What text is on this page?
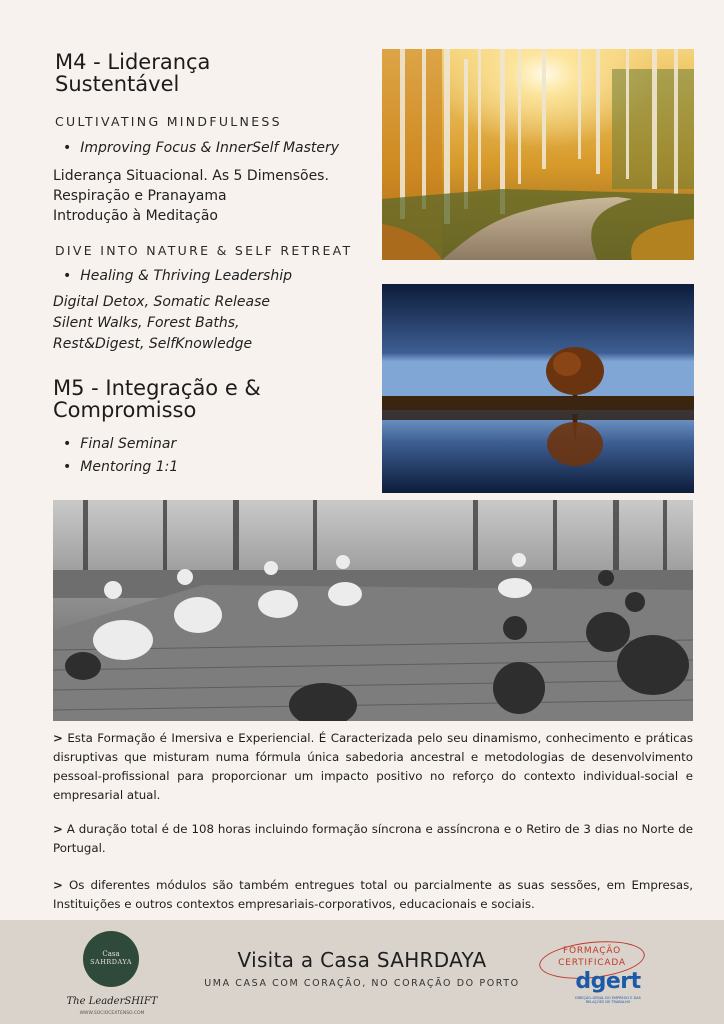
M4 - Liderança
Sustentável

CULTIVATING MINDFULNESS

• Improving Focus & InnerSelf Mastery

Liderança Situacional. As 5 Dimensões.

Respiração e Pranayama

Introdução à Meditação

DIVE INTO NATURE & SELF RETREAT

• Healing & Thriving Leadership

Digital Detox, Somatic Release

Silent Walks, Forest Baths,

Rest&Digest, SelfKnowledge

M5 - Integração e &
Compromisso

• Final Seminar

• Mentoring 1:1

> Esta Formação é Imersiva e Experiencial. É Caracterizada pelo seu dinamismo, conhecimento e práticas disruptivas que misturam numa fórmula única sabedoria ancestral e metodologias de desenvolvimento pessoal-profissional para proporcionar um impacto positivo no reforço do contexto individual-social e empresarial atual.

> A duração total é de 108 horas incluindo formação síncrona e assíncrona e o Retiro de 3 dias no Norte de Portugal.

> Os diferentes módulos são também entregues total ou parcialmente as suas sessões, em Empresas, Instituições e outros contextos empresariais-corporativos, educacionais e sociais.

Casa
SAHRDAYA
The LeaderSHIFT
WWW.SOCIOCEXTENSO.COM
Visita a Casa SAHRDAYA
UMA CASA COM CORAÇÃO, NO CORAÇÃO DO PORTO
FORMAÇÃO
CERTIFICADA
dgert
DIREÇÃO-GERAL DO EMPREGO E DAS RELAÇÕES DE TRABALHO
